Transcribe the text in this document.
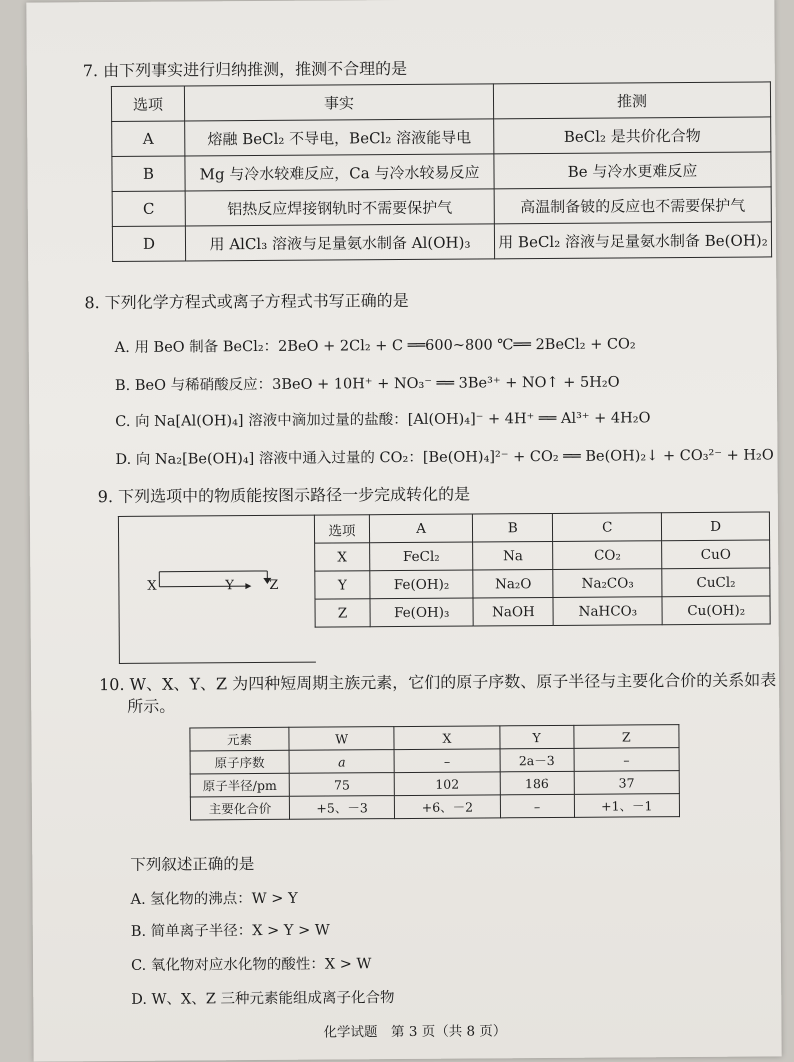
7. 由下列事实进行归纳推测，推测不合理的是
选项	事实	推测
A	熔融 BeCl₂ 不导电，BeCl₂ 溶液能导电	BeCl₂ 是共价化合物
B	Mg 与冷水较难反应，Ca 与冷水较易反应	Be 与冷水更难反应
C	铝热反应焊接钢轨时不需要保护气	高温制备铍的反应也不需要保护气
D	用 AlCl₃ 溶液与足量氨水制备 Al(OH)₃	用 BeCl₂ 溶液与足量氨水制备 Be(OH)₂
8. 下列化学方程式或离子方程式书写正确的是
A. 用 BeO 制备 BeCl₂：2BeO + 2Cl₂ + C ══600~800 ℃══ 2BeCl₂ + CO₂
B. BeO 与稀硝酸反应：3BeO + 10H⁺ + NO₃⁻ ══ 3Be³⁺ + NO↑ + 5H₂O
C. 向 Na[Al(OH)₄] 溶液中滴加过量的盐酸：[Al(OH)₄]⁻ + 4H⁺ ══ Al³⁺ + 4H₂O
D. 向 Na₂[Be(OH)₄] 溶液中通入过量的 CO₂：[Be(OH)₄]²⁻ + CO₂ ══ Be(OH)₂↓ + CO₃²⁻ + H₂O
9. 下列选项中的物质能按图示路径一步完成转化的是
X	Y	Z
选项	A	B	C	D
X	FeCl₂	Na	CO₂	CuO
Y	Fe(OH)₂	Na₂O	Na₂CO₃	CuCl₂
Z	Fe(OH)₃	NaOH	NaHCO₃	Cu(OH)₂
10. W、X、Y、Z 为四种短周期主族元素，它们的原子序数、原子半径与主要化合价的关系如表
所示。
元素	W	X	Y	Z
原子序数	a	–	2a－3	–
原子半径/pm	75	102	186	37
主要化合价	+5、－3	+6、－2	–	+1、－1
下列叙述正确的是
A. 氢化物的沸点：W > Y
B. 简单离子半径：X > Y > W
C. 氧化物对应水化物的酸性：X > W
D. W、X、Z 三种元素能组成离子化合物
化学试题　第 3 页（共 8 页）
